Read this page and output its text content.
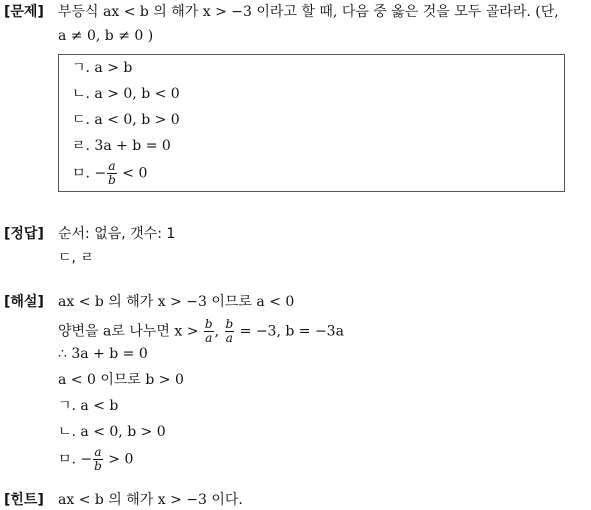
[문제] 부등식 ax < b 의 해가 x > −3 이라고 할 때, 다음 중 옳은 것을 모두 골라라. (단,
a ≠ 0, b ≠ 0 )
ㄱ. a > b
ㄴ. a > 0, b < 0
ㄷ. a < 0, b > 0
ㄹ. 3a + b = 0
ㅁ. − $\frac{a}{b} < 0$
[정답] 순서: 없음, 갯수: 1
ㄷ, ㄹ
[해설] ax < b 의 해가 x > −3 이므로 a < 0
양변을 a로 나누면 $x > \frac{b}{a}$ , $\frac{b}{a} = -3$, b = −3a
∴ 3a + b = 0
a < 0 이므로 b > 0
ㄱ. a < b
ㄴ. a < 0, b > 0
ㅁ. − $\frac{a}{b} > 0$
[힌트] ax < b 의 해가 x > −3 이다.
